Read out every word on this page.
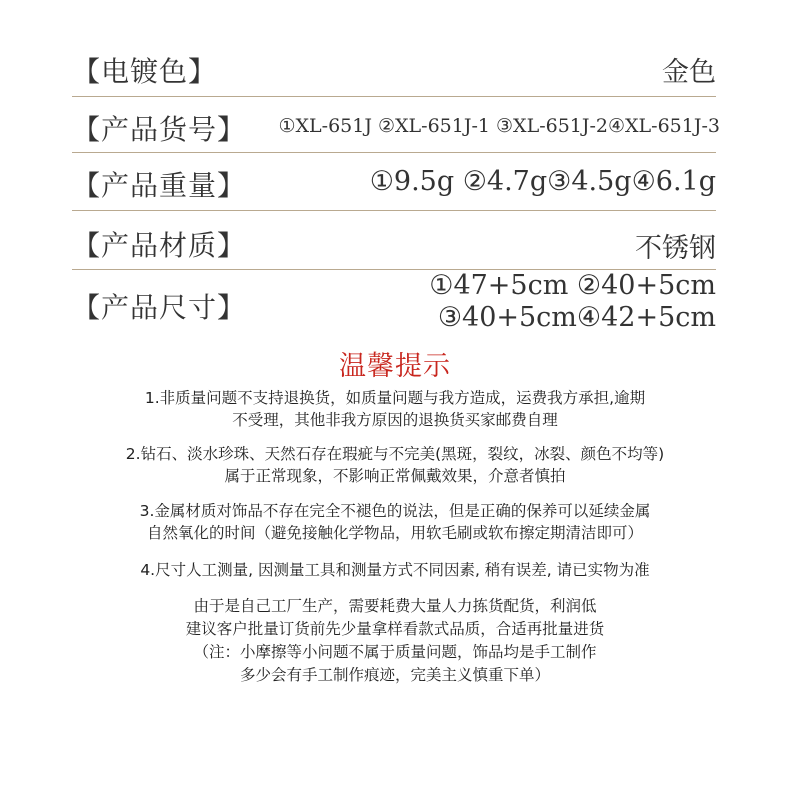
【电镀色】	金色
【产品货号】 ①XL-651J ②XL-651J-1 ③XL-651J-2④XL-651J-3
【产品重量】	①9.5g ②4.7g③4.5g④6.1g
【产品材质】	不锈钢
【产品尺寸】
①47+5cm ②40+5cm
③40+5cm④42+5cm
温馨提示
1.非质量问题不支持退换货，如质量问题与我方造成，运费我方承担,逾期
不受理，其他非我方原因的退换货买家邮费自理
2.钻石、淡水珍珠、天然石存在瑕疵与不完美(黑斑，裂纹，冰裂、颜色不均等)
属于正常现象，不影响正常佩戴效果，介意者慎拍
3.金属材质对饰品不存在完全不褪色的说法，但是正确的保养可以延续金属
自然氧化的时间（避免接触化学物品，用软毛刷或软布擦定期清洁即可）
4.尺寸人工测量, 因测量工具和测量方式不同因素, 稍有误差, 请已实物为准
由于是自己工厂生产，需要耗费大量人力拣货配货，利润低
建议客户批量订货前先少量拿样看款式品质，合适再批量进货
（注：小摩擦等小问题不属于质量问题，饰品均是手工制作
多少会有手工制作痕迹，完美主义慎重下单）
